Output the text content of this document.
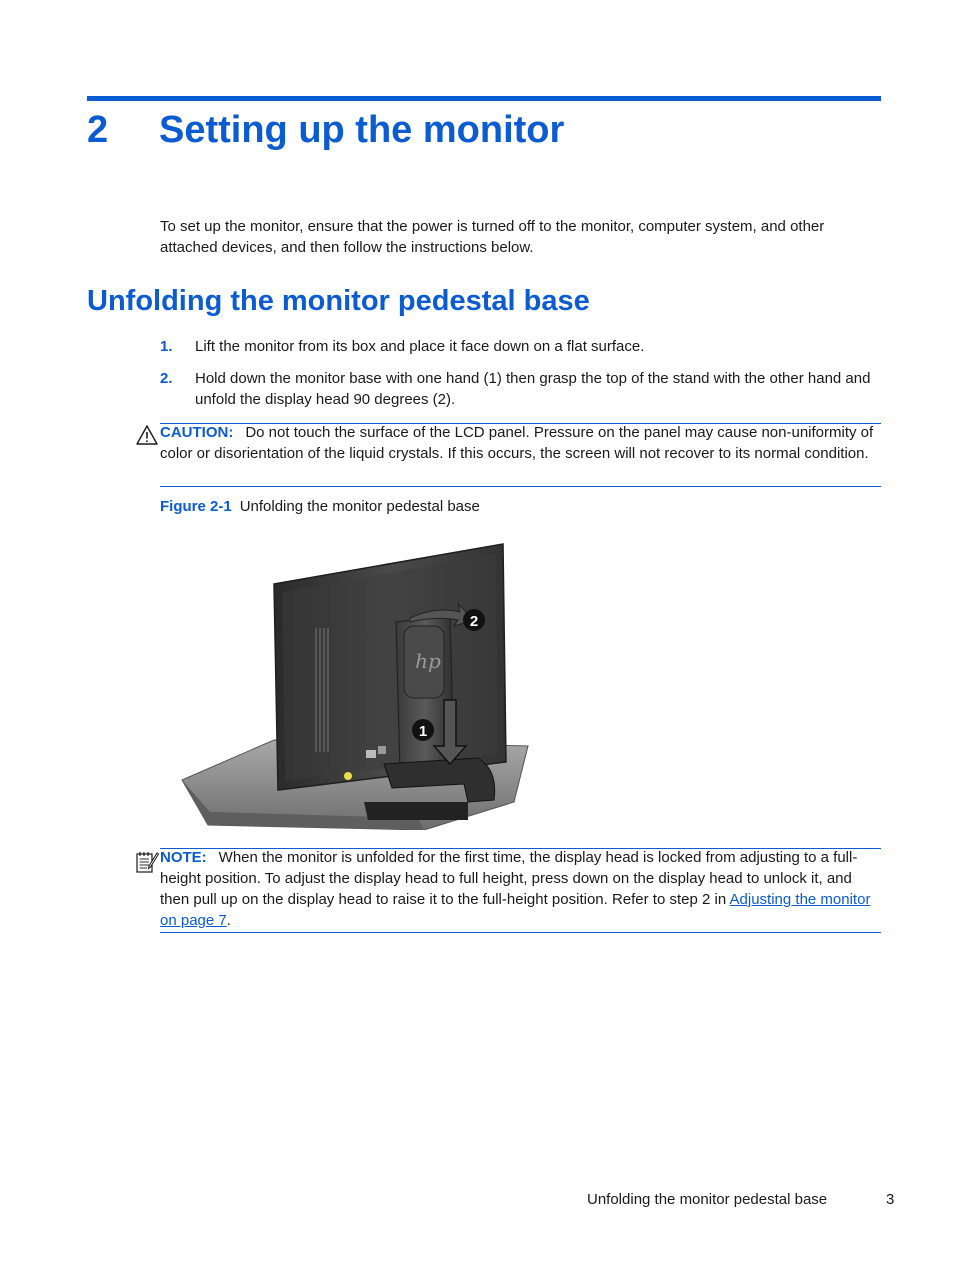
2 Setting up the monitor

To set up the monitor, ensure that the power is turned off to the monitor, computer system, and other attached devices, and then follow the instructions below.

Unfolding the monitor pedestal base
1. Lift the monitor from its box and place it face down on a flat surface.
2. Hold down the monitor base with one hand (1) then grasp the top of the stand with the other hand and unfold the display head 90 degrees (2).
CAUTION: Do not touch the surface of the LCD panel. Pressure on the panel may cause non-uniformity of color or disorientation of the liquid crystals. If this occurs, the screen will not recover to its normal condition.
Figure 2-1 Unfolding the monitor pedestal base
hp
2
1
NOTE: When the monitor is unfolded for the first time, the display head is locked from adjusting to a full-height position. To adjust the display head to full height, press down on the display head to unlock it, and then pull up on the display head to raise it to the full-height position. Refer to step 2 in Adjusting the monitor on page 7.
Unfolding the monitor pedestal base	3
